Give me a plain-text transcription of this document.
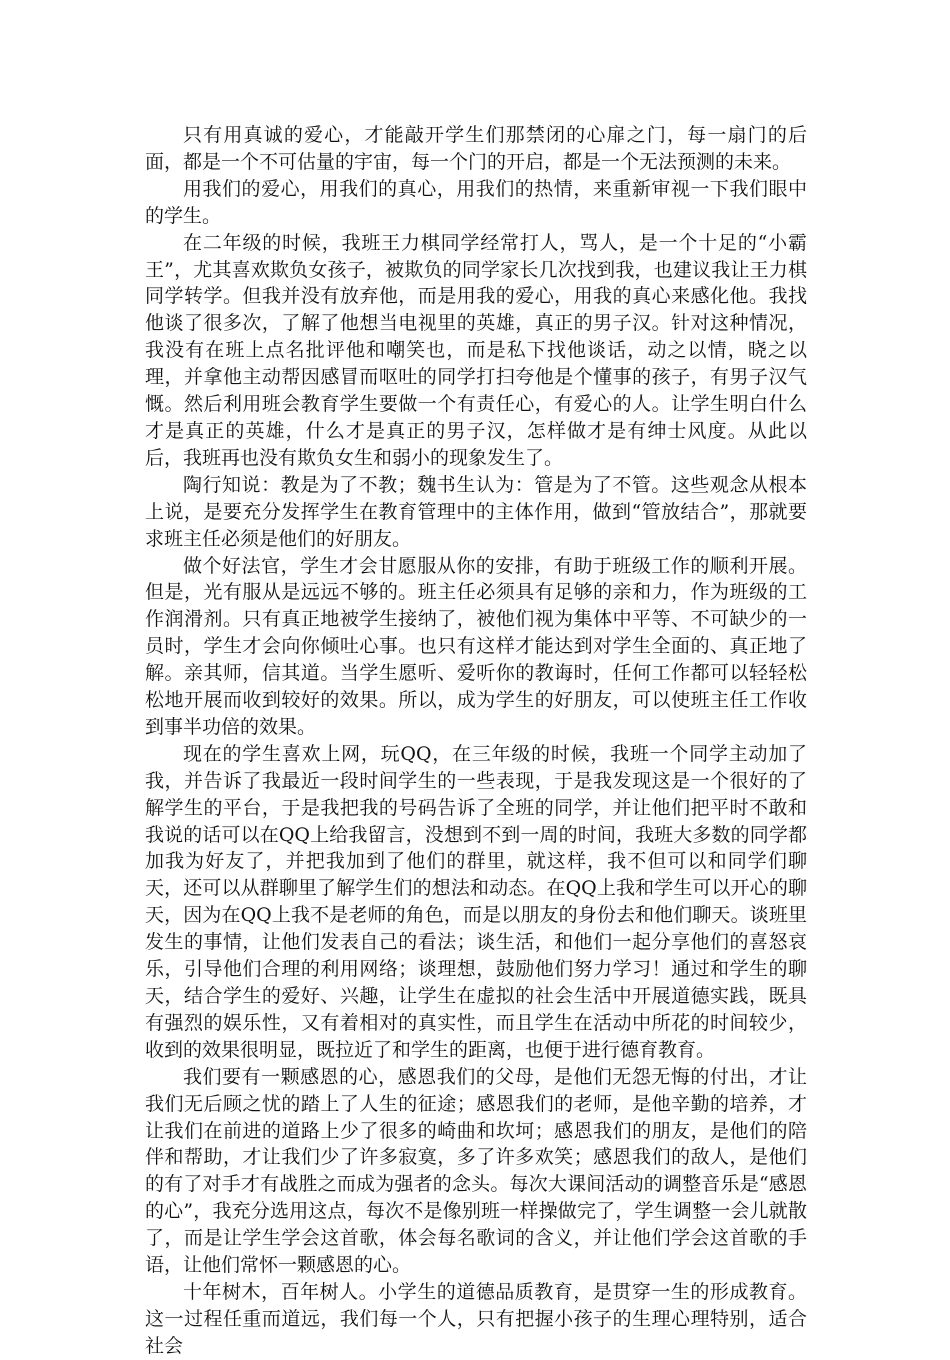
只有用真诚的爱心，才能敲开学生们那禁闭的心扉之门，每一扇门的后面，都是一个不可估量的宇宙，每一个门的开启，都是一个无法预测的未来。

用我们的爱心，用我们的真心，用我们的热情，来重新审视一下我们眼中的学生。

在二年级的时候，我班王力棋同学经常打人，骂人，是一个十足的“小霸王”，尤其喜欢欺负女孩子，被欺负的同学家长几次找到我，也建议我让王力棋同学转学。但我并没有放弃他，而是用我的爱心，用我的真心来感化他。我找他谈了很多次，了解了他想当电视里的英雄，真正的男子汉。针对这种情况，我没有在班上点名批评他和嘲笑也，而是私下找他谈话，动之以情，晓之以理，并拿他主动帮因感冒而呕吐的同学打扫夸他是个懂事的孩子，有男子汉气慨。然后利用班会教育学生要做一个有责任心，有爱心的人。让学生明白什么才是真正的英雄，什么才是真正的男子汉，怎样做才是有绅士风度。从此以后，我班再也没有欺负女生和弱小的现象发生了。

陶行知说：教是为了不教；魏书生认为：管是为了不管。这些观念从根本上说，是要充分发挥学生在教育管理中的主体作用，做到“管放结合”，那就要求班主任必须是他们的好朋友。

做个好法官，学生才会甘愿服从你的安排，有助于班级工作的顺利开展。但是，光有服从是远远不够的。班主任必须具有足够的亲和力，作为班级的工作润滑剂。只有真正地被学生接纳了，被他们视为集体中平等、不可缺少的一员时，学生才会向你倾吐心事。也只有这样才能达到对学生全面的、真正地了解。亲其师，信其道。当学生愿听、爱听你的教诲时，任何工作都可以轻轻松松地开展而收到较好的效果。所以，成为学生的好朋友，可以使班主任工作收到事半功倍的效果。

现在的学生喜欢上网，玩QQ，在三年级的时候，我班一个同学主动加了我，并告诉了我最近一段时间学生的一些表现，于是我发现这是一个很好的了解学生的平台，于是我把我的号码告诉了全班的同学，并让他们把平时不敢和我说的话可以在QQ上给我留言，没想到不到一周的时间，我班大多数的同学都加我为好友了，并把我加到了他们的群里，就这样，我不但可以和同学们聊天，还可以从群聊里了解学生们的想法和动态。在QQ上我和学生可以开心的聊天，因为在QQ上我不是老师的角色，而是以朋友的身份去和他们聊天。谈班里发生的事情，让他们发表自己的看法；谈生活，和他们一起分享他们的喜怒哀乐，引导他们合理的利用网络；谈理想，鼓励他们努力学习！通过和学生的聊天，结合学生的爱好、兴趣，让学生在虚拟的社会生活中开展道德实践，既具有强烈的娱乐性，又有着相对的真实性，而且学生在活动中所花的时间较少，收到的效果很明显，既拉近了和学生的距离，也便于进行德育教育。

我们要有一颗感恩的心，感恩我们的父母，是他们无怨无悔的付出，才让我们无后顾之忧的踏上了人生的征途；感恩我们的老师，是他辛勤的培养，才让我们在前进的道路上少了很多的崎曲和坎坷；感恩我们的朋友，是他们的陪伴和帮助，才让我们少了许多寂寞，多了许多欢笑；感恩我们的敌人，是他们的有了对手才有战胜之而成为强者的念头。每次大课间活动的调整音乐是“感恩的心”，我充分选用这点，每次不是像别班一样操做完了，学生调整一会儿就散了，而是让学生学会这首歌，体会每名歌词的含义，并让他们学会这首歌的手语，让他们常怀一颗感恩的心。

十年树木，百年树人。小学生的道德品质教育，是贯穿一生的形成教育。这一过程任重而道远，我们每一个人，只有把握小孩子的生理心理特别，适合社会
